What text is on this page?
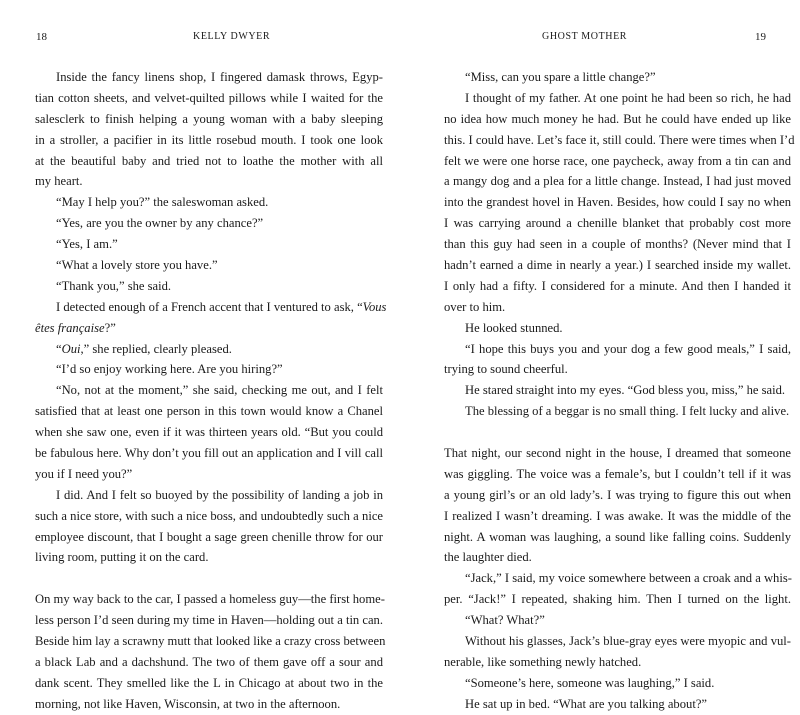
18	KELLY DWYER
Inside the fancy linens shop, I fingered damask throws, Egyp-
tian cotton sheets, and velvet-quilted pillows while I waited for the
salesclerk to finish helping a young woman with a baby sleeping
in a stroller, a pacifier in its little rosebud mouth. I took one look
at the beautiful baby and tried not to loathe the mother with all
my heart.
“May I help you?” the saleswoman asked.
“Yes, are you the owner by any chance?”
“Yes, I am.”
“What a lovely store you have.”
“Thank you,” she said.
I detected enough of a French accent that I ventured to ask, “Vous
êtes française?”
“Oui,” she replied, clearly pleased.
“I’d so enjoy working here. Are you hiring?”
“No, not at the moment,” she said, checking me out, and I felt
satisfied that at least one person in this town would know a Chanel
when she saw one, even if it was thirteen years old. “But you could
be fabulous here. Why don’t you fill out an application and I vill call
you if I need you?”
I did. And I felt so buoyed by the possibility of landing a job in
such a nice store, with such a nice boss, and undoubtedly such a nice
employee discount, that I bought a sage green chenille throw for our
living room, putting it on the card.
On my way back to the car, I passed a homeless guy—the first home-
less person I’d seen during my time in Haven—holding out a tin can.
Beside him lay a scrawny mutt that looked like a crazy cross between
a black Lab and a dachshund. The two of them gave off a sour and
dank scent. They smelled like the L in Chicago at about two in the
morning, not like Haven, Wisconsin, at two in the afternoon.
GHOST MOTHER	19
“Miss, can you spare a little change?”
I thought of my father. At one point he had been so rich, he had
no idea how much money he had. But he could have ended up like
this. I could have. Let’s face it, still could. There were times when I’d
felt we were one horse race, one paycheck, away from a tin can and
a mangy dog and a plea for a little change. Instead, I had just moved
into the grandest hovel in Haven. Besides, how could I say no when
I was carrying around a chenille blanket that probably cost more
than this guy had seen in a couple of months? (Never mind that I
hadn’t earned a dime in nearly a year.) I searched inside my wallet.
I only had a fifty. I considered for a minute. And then I handed it
over to him.
He looked stunned.
“I hope this buys you and your dog a few good meals,” I said,
trying to sound cheerful.
He stared straight into my eyes. “God bless you, miss,” he said.
The blessing of a beggar is no small thing. I felt lucky and alive.
That night, our second night in the house, I dreamed that someone
was giggling. The voice was a female’s, but I couldn’t tell if it was
a young girl’s or an old lady’s. I was trying to figure this out when
I realized I wasn’t dreaming. I was awake. It was the middle of the
night. A woman was laughing, a sound like falling coins. Suddenly
the laughter died.
“Jack,” I said, my voice somewhere between a croak and a whis-
per. “Jack!” I repeated, shaking him. Then I turned on the light.
“What? What?”
Without his glasses, Jack’s blue-gray eyes were myopic and vul-
nerable, like something newly hatched.
“Someone’s here, someone was laughing,” I said.
He sat up in bed. “What are you talking about?”
